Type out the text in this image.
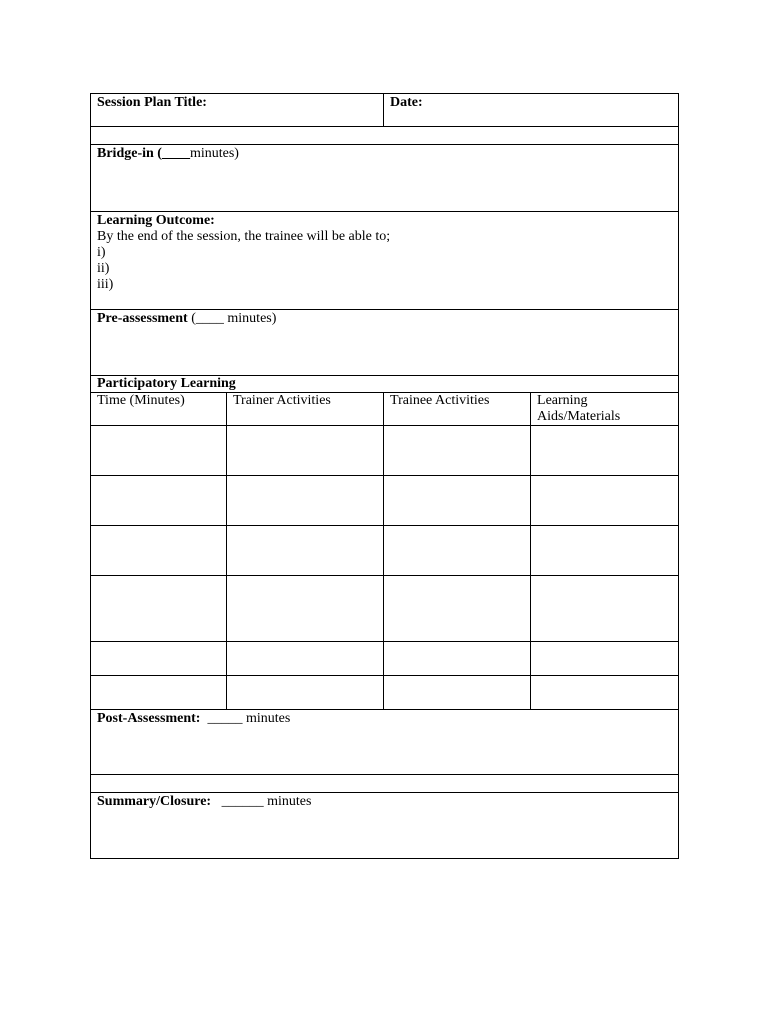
Session Plan Title:		Date:	

Bridge-in (____minutes)			

Learning Outcome:
By the end of the session, the trainee will be able to;
i)
ii)
iii)			

Pre-assessment (____ minutes)			
Participatory Learning			
Time (Minutes)	Trainer Activities	Trainee Activities	Learning Aids/Materials

Post-Assessment:  _____ minutes			

Summary/Closure:   ______ minutes			
